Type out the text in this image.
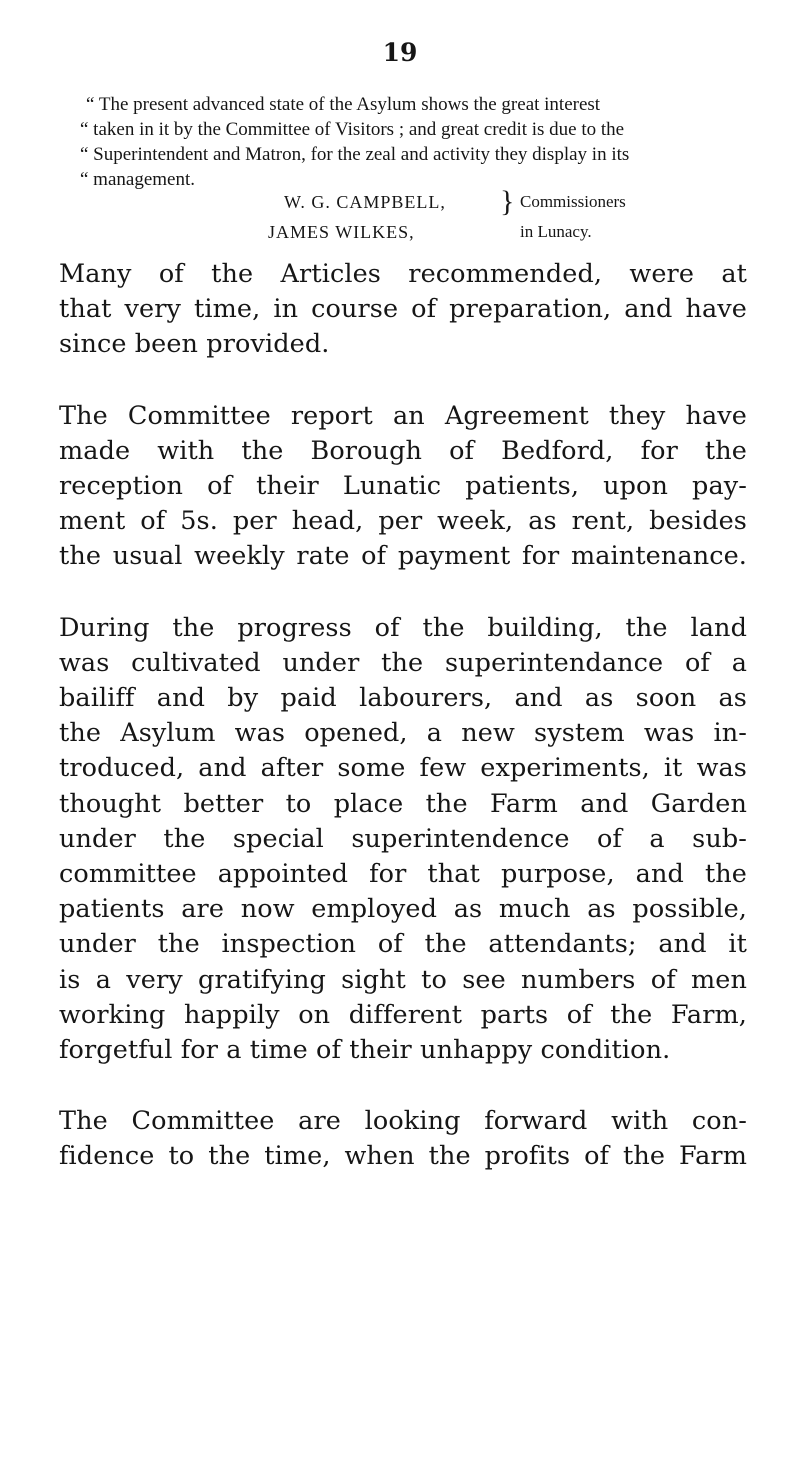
19
“ The present advanced state of the Asylum shows the great interest
“ taken in it by the Committee of Visitors ; and great credit is due to the
“ Superintendent and Matron, for the zeal and activity they display in its
“ management.
W. G. CAMPBELL,
JAMES WILKES,
} Commissioners
in Lunacy.
Many of the Articles recommended, were at
that very time, in course of preparation, and have
since been provided.
The Committee report an Agreement they have
made with the Borough of Bedford, for the
reception of their Lunatic patients, upon pay-
ment of 5s. per head, per week, as rent, besides
the usual weekly rate of payment for maintenance.
During the progress of the building, the land
was cultivated under the superintendance of a
bailiff and by paid labourers, and as soon as
the Asylum was opened, a new system was in-
troduced, and after some few experiments, it was
thought better to place the Farm and Garden
under the special superintendence of a sub-
committee appointed for that purpose, and the
patients are now employed as much as possible,
under the inspection of the attendants; and it
is a very gratifying sight to see numbers of men
working happily on different parts of the Farm,
forgetful for a time of their unhappy condition.
The Committee are looking forward with con-
fidence to the time, when the profits of the Farm
